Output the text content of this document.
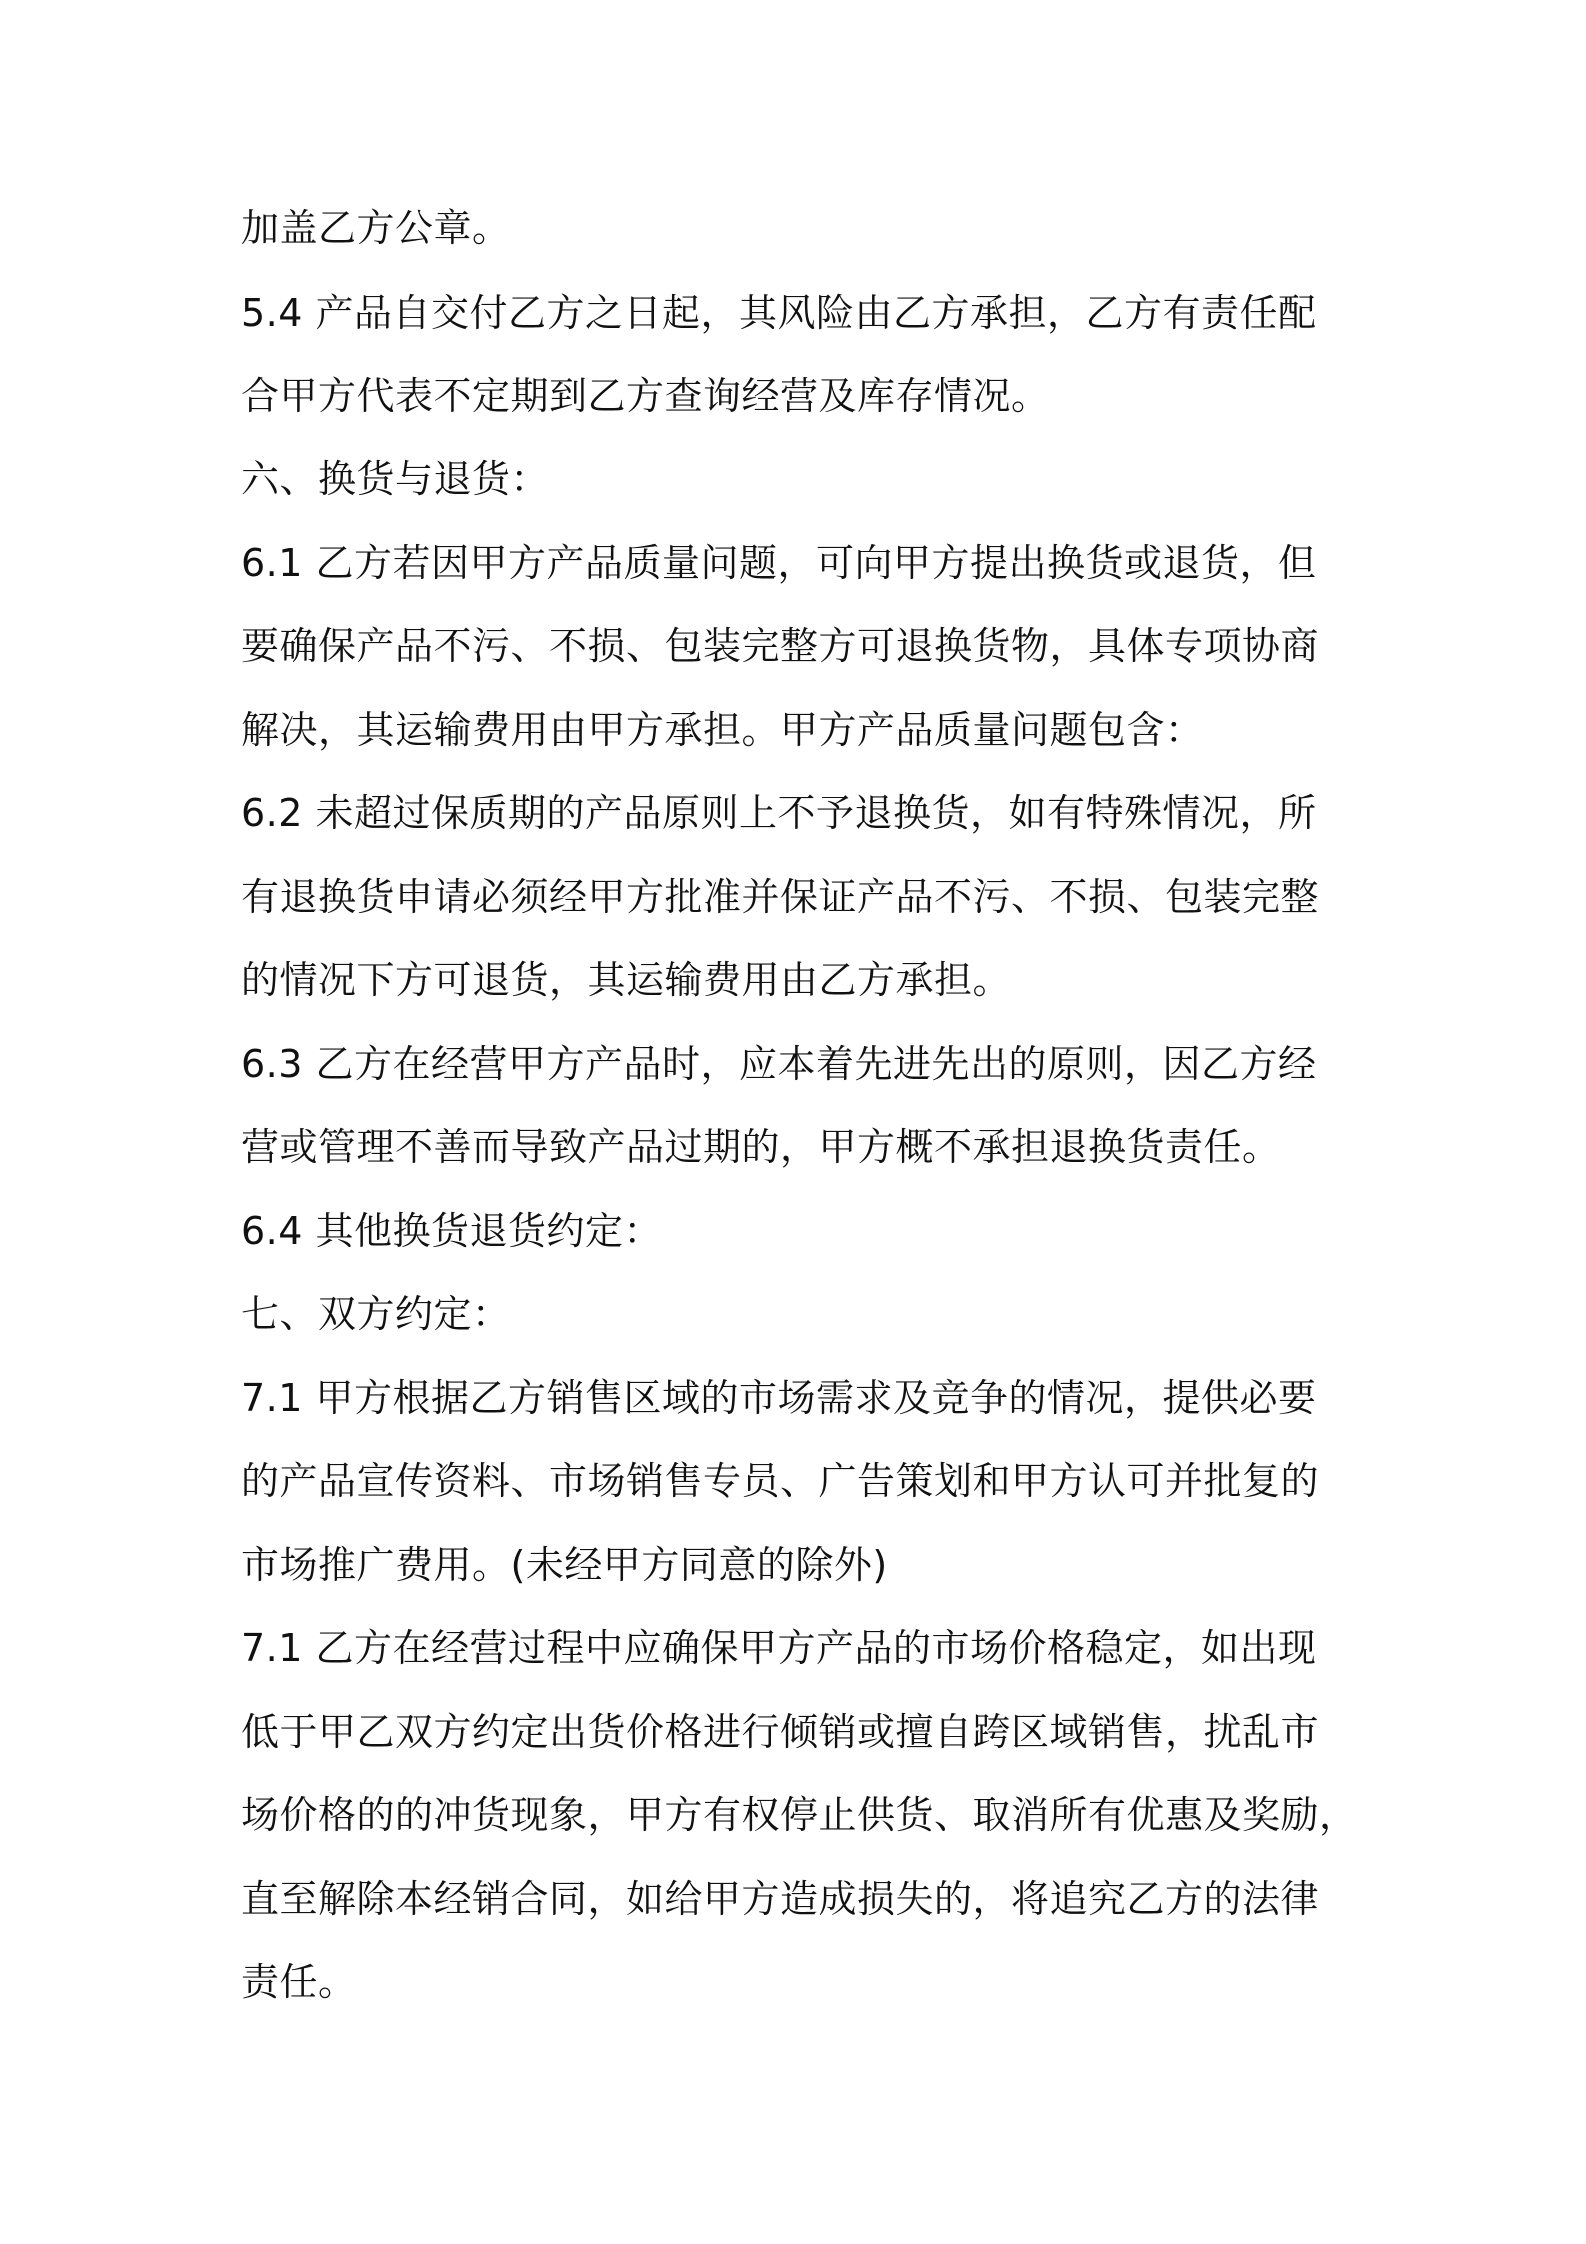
加盖乙方公章。
5.4 产品自交付乙方之日起，其风险由乙方承担，乙方有责任配
合甲方代表不定期到乙方查询经营及库存情况。
六、换货与退货：
6.1 乙方若因甲方产品质量问题，可向甲方提出换货或退货，但
要确保产品不污、不损、包装完整方可退换货物，具体专项协商
解决，其运输费用由甲方承担。甲方产品质量问题包含：
6.2 未超过保质期的产品原则上不予退换货，如有特殊情况，所
有退换货申请必须经甲方批准并保证产品不污、不损、包装完整
的情况下方可退货，其运输费用由乙方承担。
6.3 乙方在经营甲方产品时，应本着先进先出的原则，因乙方经
营或管理不善而导致产品过期的，甲方概不承担退换货责任。
6.4 其他换货退货约定：
七、双方约定：
7.1 甲方根据乙方销售区域的市场需求及竞争的情况，提供必要
的产品宣传资料、市场销售专员、广告策划和甲方认可并批复的
市场推广费用。(未经甲方同意的除外)
7.1 乙方在经营过程中应确保甲方产品的市场价格稳定，如出现
低于甲乙双方约定出货价格进行倾销或擅自跨区域销售，扰乱市
场价格的的冲货现象，甲方有权停止供货、取消所有优惠及奖励，
直至解除本经销合同，如给甲方造成损失的，将追究乙方的法律
责任。
